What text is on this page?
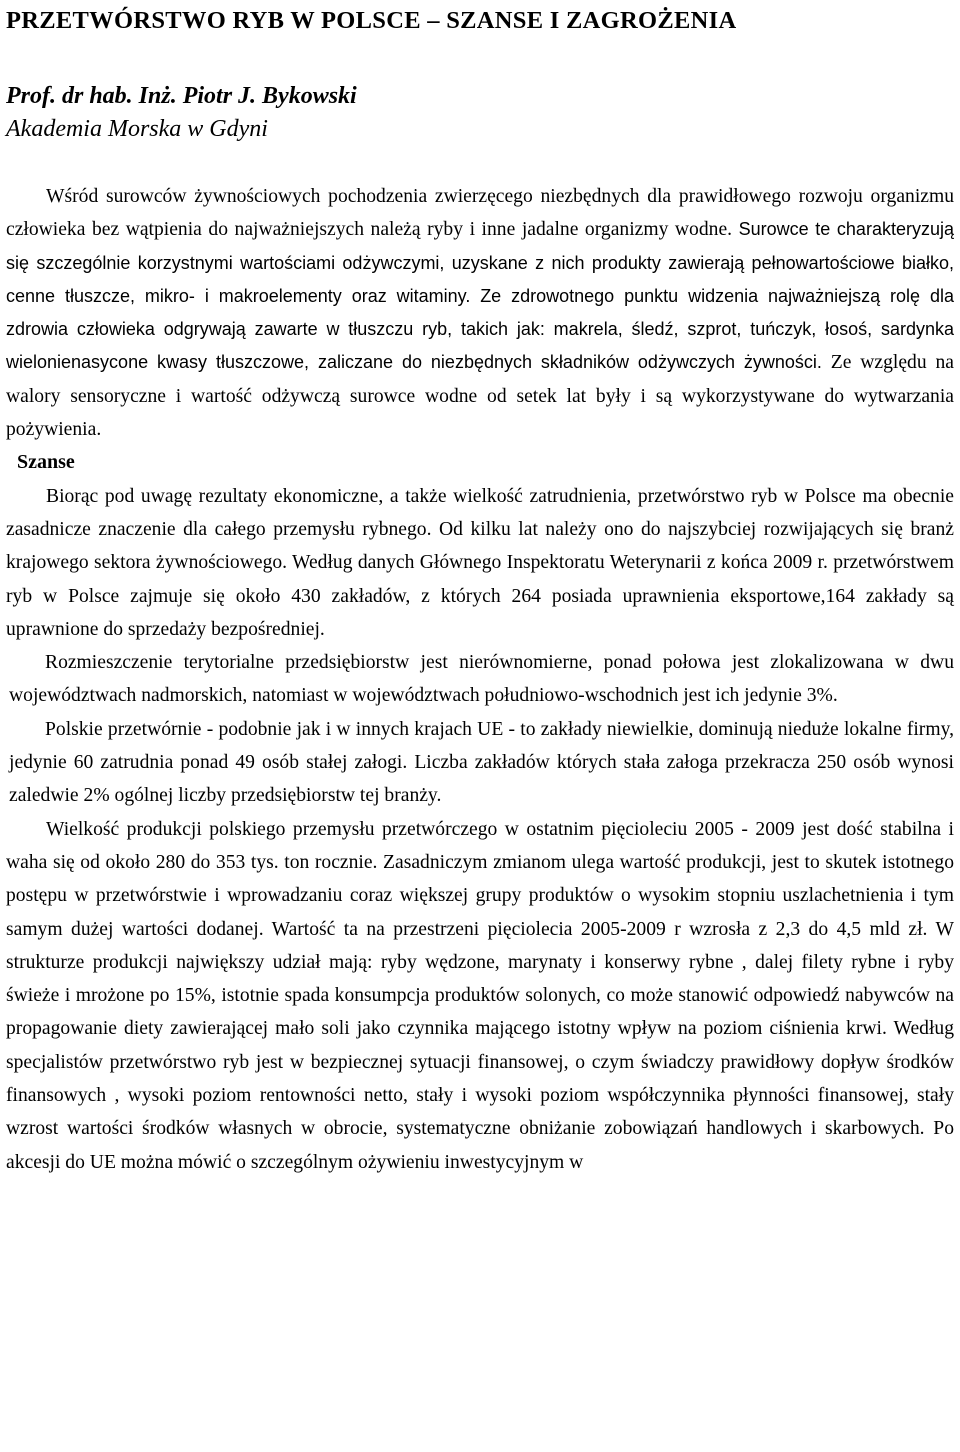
PRZETWÓRSTWO RYB W POLSCE – SZANSE I ZAGROŻENIA

Prof. dr hab. Inż. Piotr J. Bykowski

Akademia Morska w Gdyni

Wśród surowców żywnościowych pochodzenia zwierzęcego niezbędnych dla prawidłowego rozwoju organizmu człowieka bez wątpienia do najważniejszych należą ryby i inne jadalne organizmy wodne. Surowce te charakteryzują się szczególnie korzystnymi wartościami odżywczymi, uzyskane z nich produkty zawierają pełnowartościowe białko, cenne tłuszcze, mikro- i makroelementy oraz witaminy. Ze zdrowotnego punktu widzenia najważniejszą rolę dla zdrowia człowieka odgrywają zawarte w tłuszczu ryb, takich jak: makrela, śledź, szprot, tuńczyk, łosoś, sardynka wielonienasycone kwasy tłuszczowe, zaliczane do niezbędnych składników odżywczych żywności. Ze względu na walory sensoryczne i wartość odżywczą surowce wodne od setek lat były i są wykorzystywane do wytwarzania pożywienia.

Szanse

Biorąc pod uwagę rezultaty ekonomiczne, a także wielkość zatrudnienia, przetwórstwo ryb w Polsce ma obecnie zasadnicze znaczenie dla całego przemysłu rybnego. Od kilku lat należy ono do najszybciej rozwijających się branż krajowego sektora żywnościowego. Według danych Głównego Inspektoratu Weterynarii z końca 2009 r. przetwórstwem ryb w Polsce zajmuje się około 430 zakładów, z których 264 posiada uprawnienia eksportowe,164 zakłady są uprawnione do sprzedaży bezpośredniej.

Rozmieszczenie terytorialne przedsiębiorstw jest nierównomierne, ponad połowa jest zlokalizowana w dwu województwach nadmorskich, natomiast w województwach południowo-wschodnich jest ich jedynie 3%.

Polskie przetwórnie - podobnie jak i w innych krajach UE - to zakłady niewielkie, dominują nieduże lokalne firmy, jedynie 60 zatrudnia ponad 49 osób stałej załogi. Liczba zakładów których stała załoga przekracza 250 osób wynosi zaledwie 2% ogólnej liczby przedsiębiorstw tej branży.

Wielkość produkcji polskiego przemysłu przetwórczego w ostatnim pięcioleciu 2005 - 2009 jest dość stabilna i waha się od około 280 do 353 tys. ton rocznie. Zasadniczym zmianom ulega wartość produkcji, jest to skutek istotnego postępu w przetwórstwie i wprowadzaniu coraz większej grupy produktów o wysokim stopniu uszlachetnienia i tym samym dużej wartości dodanej. Wartość ta na przestrzeni pięciolecia 2005-2009 r wzrosła z 2,3 do 4,5 mld zł. W strukturze produkcji największy udział mają: ryby wędzone, marynaty i konserwy rybne , dalej filety rybne i ryby świeże i mrożone po 15%, istotnie spada konsumpcja produktów solonych, co może stanowić odpowiedź nabywców na propagowanie diety zawierającej mało soli jako czynnika mającego istotny wpływ na poziom ciśnienia krwi. Według specjalistów przetwórstwo ryb jest w bezpiecznej sytuacji finansowej, o czym świadczy prawidłowy dopływ środków finansowych , wysoki poziom rentowności netto, stały i wysoki poziom współczynnika płynności finansowej, stały wzrost wartości środków własnych w obrocie, systematyczne obniżanie zobowiązań handlowych i skarbowych. Po akcesji do UE można mówić o szczególnym ożywieniu inwestycyjnym w
